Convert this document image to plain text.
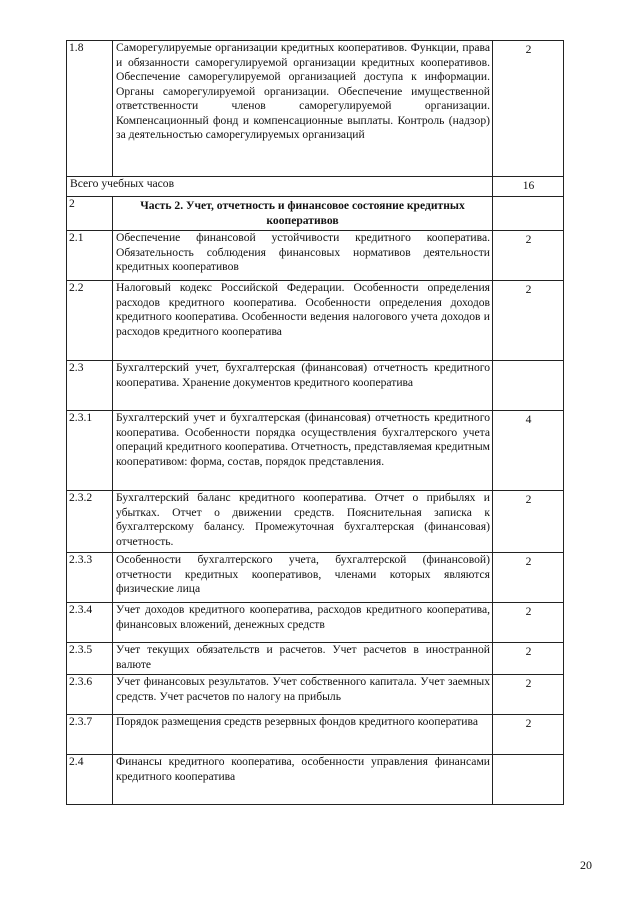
1.8	Саморегулируемые организации кредитных кооперативов. Функции, права и обязанности саморегулируемой организации кредитных кооперативов. Обеспечение саморегулируемой организацией доступа к информации. Органы саморегулируемой организации. Обеспечение имущественной ответственности членов саморегулируемой организации. Компенсационный фонд и компенсационные выплаты. Контроль (надзор) за деятельностью саморегулируемых организаций	2
Всего учебных часов		16
2	Часть 2. Учет, отчетность и финансовое состояние кредитных кооперативов	
2.1	Обеспечение финансовой устойчивости кредитного кооператива. Обязательность соблюдения финансовых нормативов деятельности кредитных кооперативов	2
2.2	Налоговый кодекс Российской Федерации. Особенности определения расходов кредитного кооператива. Особенности определения доходов кредитного кооператива. Особенности ведения налогового учета доходов и расходов кредитного кооператива	2
2.3	Бухгалтерский учет, бухгалтерская (финансовая) отчетность кредитного кооператива. Хранение документов кредитного кооператива	
2.3.1	Бухгалтерский учет и бухгалтерская (финансовая) отчетность кредитного кооператива. Особенности порядка осуществления бухгалтерского учета операций кредитного кооператива. Отчетность, представляемая кредитным кооперативом: форма, состав, порядок представления.	4
2.3.2	Бухгалтерский баланс кредитного кооператива. Отчет о прибылях и убытках. Отчет о движении средств. Пояснительная записка к бухгалтерскому балансу. Промежуточная бухгалтерская (финансовая) отчетность.	2
2.3.3	Особенности бухгалтерского учета, бухгалтерской (финансовой) отчетности кредитных кооперативов, членами которых являются физические лица	2
2.3.4	Учет доходов кредитного кооператива, расходов кредитного кооператива, финансовых вложений, денежных средств	2
2.3.5	Учет текущих обязательств и расчетов. Учет расчетов в иностранной валюте	2
2.3.6	Учет финансовых результатов. Учет собственного капитала. Учет заемных средств. Учет расчетов по налогу на прибыль	2
2.3.7	Порядок размещения средств резервных фондов кредитного кооператива	2
2.4	Финансы кредитного кооператива, особенности управления финансами кредитного кооператива	
20
